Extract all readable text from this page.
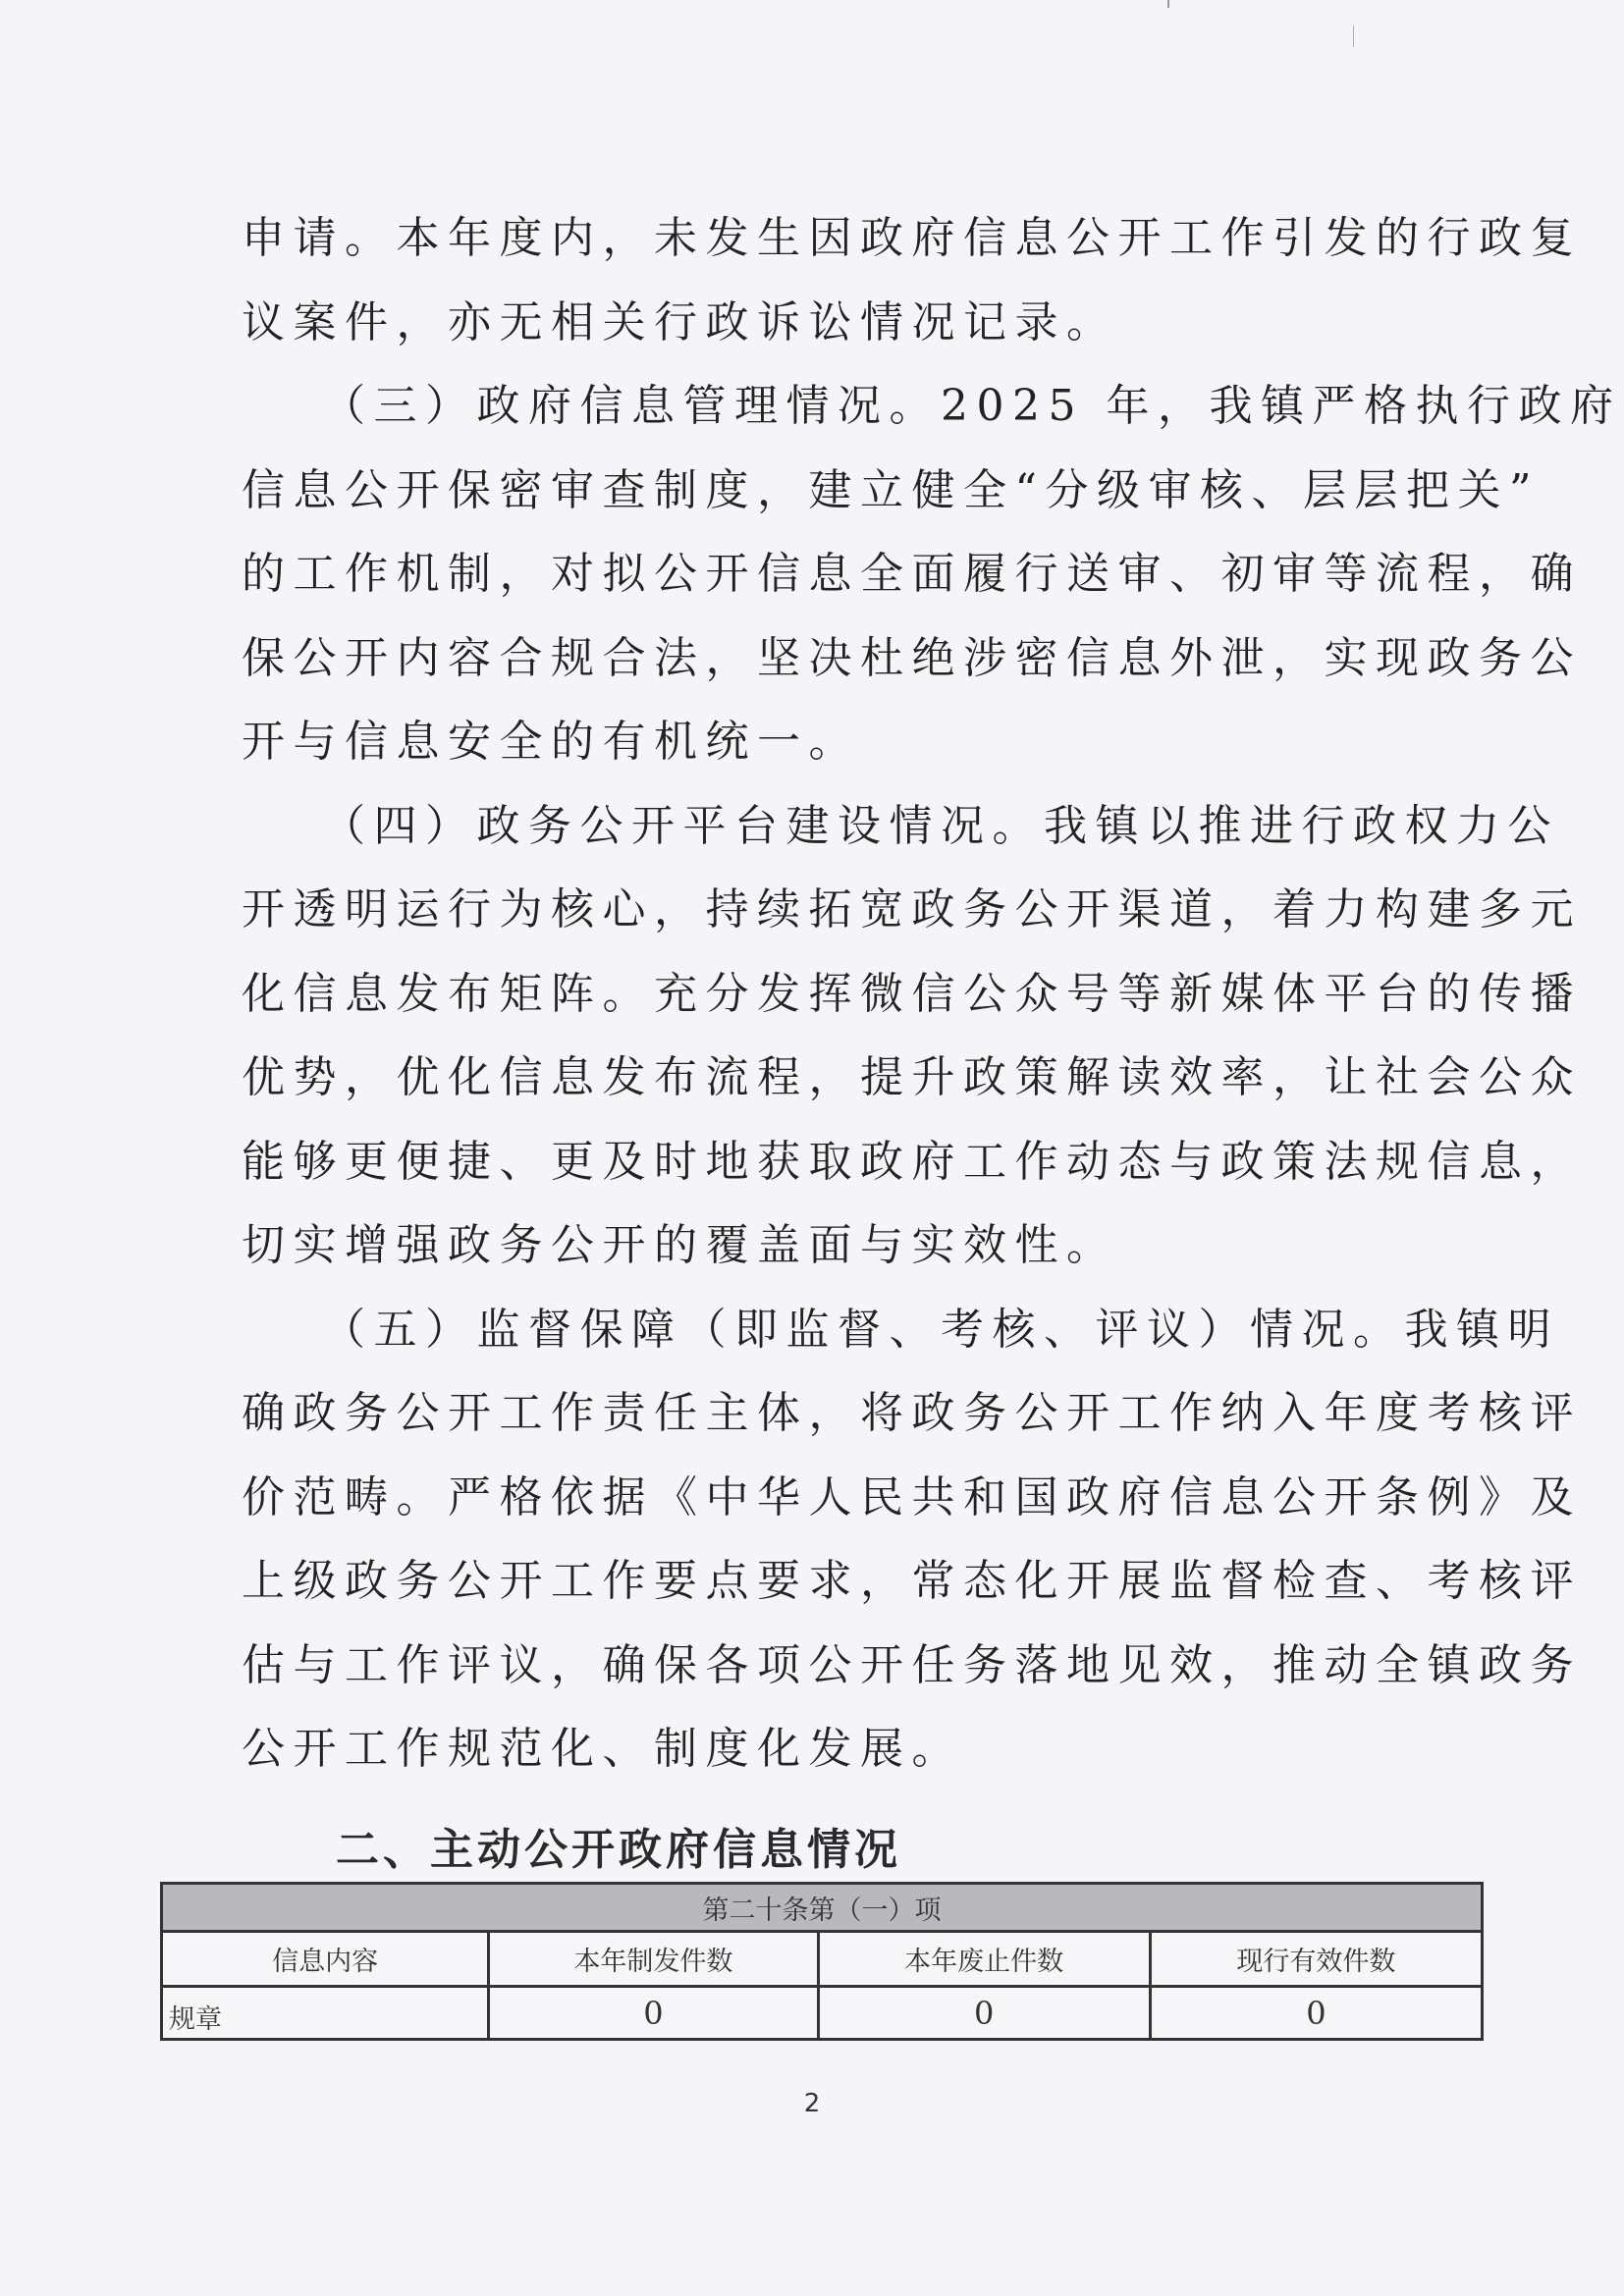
申请。本年度内，未发生因政府信息公开工作引发的行政复
议案件，亦无相关行政诉讼情况记录。
（三）政府信息管理情况。2025 年，我镇严格执行政府
信息公开保密审查制度，建立健全“分级审核、层层把关”
的工作机制，对拟公开信息全面履行送审、初审等流程，确
保公开内容合规合法，坚决杜绝涉密信息外泄，实现政务公
开与信息安全的有机统一。
（四）政务公开平台建设情况。我镇以推进行政权力公
开透明运行为核心，持续拓宽政务公开渠道，着力构建多元
化信息发布矩阵。充分发挥微信公众号等新媒体平台的传播
优势，优化信息发布流程，提升政策解读效率，让社会公众
能够更便捷、更及时地获取政府工作动态与政策法规信息，
切实增强政务公开的覆盖面与实效性。
（五）监督保障（即监督、考核、评议）情况。我镇明
确政务公开工作责任主体，将政务公开工作纳入年度考核评
价范畴。严格依据《中华人民共和国政府信息公开条例》及
上级政务公开工作要点要求，常态化开展监督检查、考核评
估与工作评议，确保各项公开任务落地见效，推动全镇政务
公开工作规范化、制度化发展。
二、主动公开政府信息情况
第二十条第（一）项			
信息内容	本年制发件数	本年废止件数	现行有效件数
规章	0	0	0
2
